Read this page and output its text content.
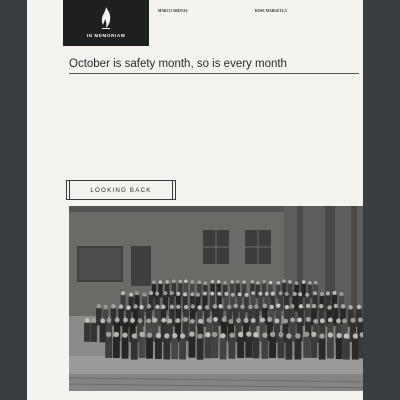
IN MEMORIAM
MARCO ARENAS	ROSE MARGETLA
October is safety month, so is every month

LOOKING BACK
